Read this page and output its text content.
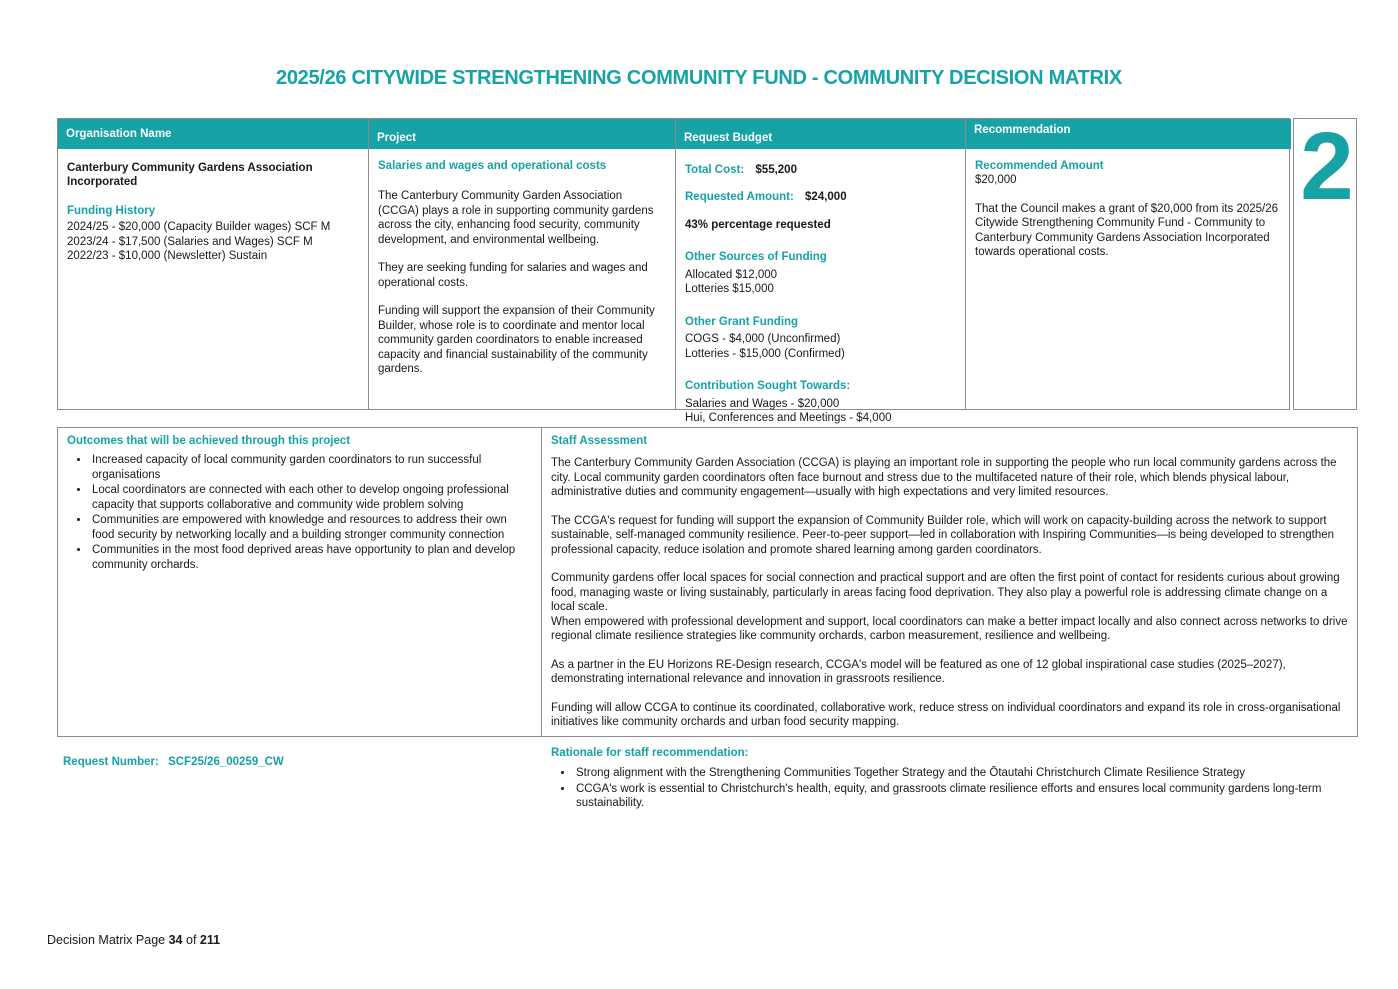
2025/26 CITYWIDE STRENGTHENING COMMUNITY FUND - COMMUNITY DECISION MATRIX
Organisation Name	Project	Request Budget
Recommendation
Canterbury Community Gardens Association Incorporated
Funding History
2024/25 - $20,000 (Capacity Builder wages) SCF M
2023/24 - $17,500 (Salaries and Wages) SCF M
2022/23 - $10,000 (Newsletter) Sustain
Salaries and wages and operational costs
The Canterbury Community Garden Association (CCGA) plays a role in supporting community gardens across the city, enhancing food security, community development, and environmental wellbeing.
They are seeking funding for salaries and wages and operational costs.
Funding will support the expansion of their Community Builder, whose role is to coordinate and mentor local community garden coordinators to enable increased capacity and financial sustainability of the community gardens.
Total Cost: $55,200
Requested Amount: $24,000
43% percentage requested
Other Sources of Funding
Allocated $12,000
Lotteries $15,000
Other Grant Funding
COGS - $4,000 (Unconfirmed)
Lotteries - $15,000 (Confirmed)
Contribution Sought Towards:
Salaries and Wages - $20,000
Hui, Conferences and Meetings - $4,000
Recommended Amount
$20,000
That the Council makes a grant of $20,000 from its 2025/26 Citywide Strengthening Community Fund - Community to Canterbury Community Gardens Association Incorporated towards operational costs.
2
Outcomes that will be achieved through this project
• Increased capacity of local community garden coordinators to run successful organisations
• Local coordinators are connected with each other to develop ongoing professional capacity that supports collaborative and community wide problem solving
• Communities are empowered with knowledge and resources to address their own food security by networking locally and a building stronger community connection
• Communities in the most food deprived areas have opportunity to plan and develop community orchards.
Staff Assessment
The Canterbury Community Garden Association (CCGA) is playing an important role in supporting the people who run local community gardens across the city. Local community garden coordinators often face burnout and stress due to the multifaceted nature of their role, which blends physical labour, administrative duties and community engagement—usually with high expectations and very limited resources.
The CCGA's request for funding will support the expansion of Community Builder role, which will work on capacity-building across the network to support sustainable, self-managed community resilience. Peer-to-peer support—led in collaboration with Inspiring Communities—is being developed to strengthen professional capacity, reduce isolation and promote shared learning among garden coordinators.
Community gardens offer local spaces for social connection and practical support and are often the first point of contact for residents curious about growing food, managing waste or living sustainably, particularly in areas facing food deprivation. They also play a powerful role is addressing climate change on a local scale.
When empowered with professional development and support, local coordinators can make a better impact locally and also connect across networks to drive regional climate resilience strategies like community orchards, carbon measurement, resilience and wellbeing.
As a partner in the EU Horizons RE-Design research, CCGA's model will be featured as one of 12 global inspirational case studies (2025–2027), demonstrating international relevance and innovation in grassroots resilience.
Funding will allow CCGA to continue its coordinated, collaborative work, reduce stress on individual coordinators and expand its role in cross-organisational initiatives like community orchards and urban food security mapping.
Rationale for staff recommendation:
• Strong alignment with the Strengthening Communities Together Strategy and the Ōtautahi Christchurch Climate Resilience Strategy
• CCGA's work is essential to Christchurch's health, equity, and grassroots climate resilience efforts and ensures local community gardens long-term sustainability.
Request Number: SCF25/26_00259_CW
Decision Matrix Page 34 of 211
